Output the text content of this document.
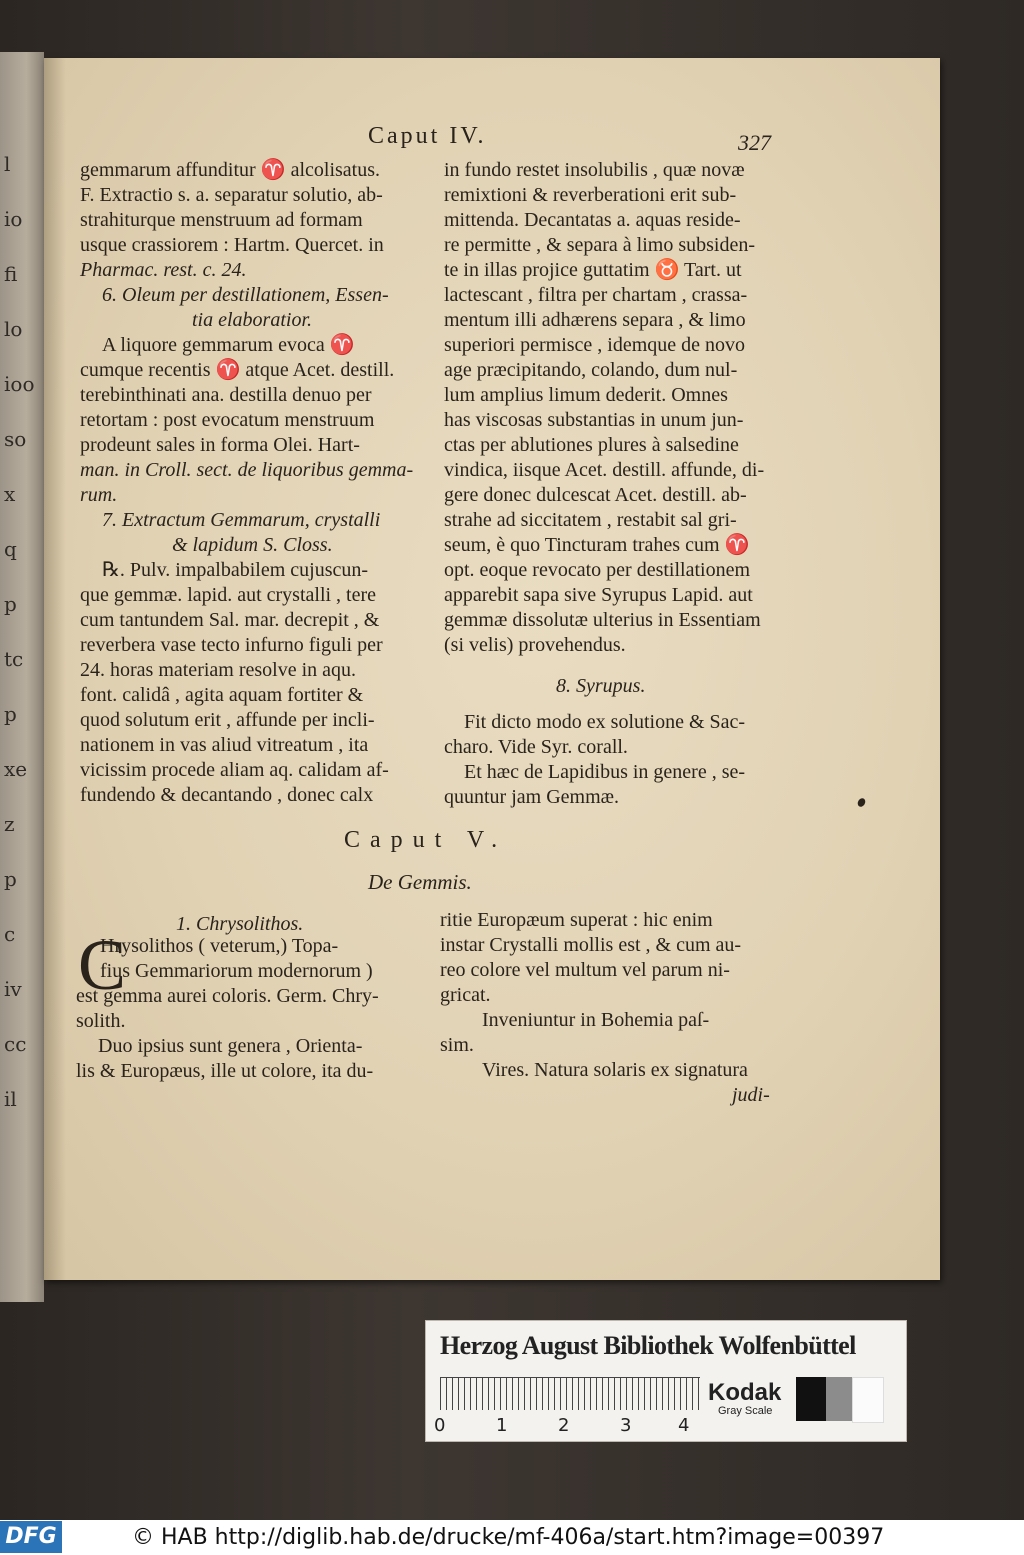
l
io
fi
lo
ioo
so
x
q
p
tc
p
xe
z
p
c
iv
cc
il
Caput IV.	327
gemmarum affunditur ♈ alcolisatus.
F. Extractio s. a. separatur solutio, ab-
strahiturque menstruum ad formam
usque crassiorem : Hartm. Quercet. in
Pharmac. rest. c. 24.
6. Oleum per destillationem, Essen-
tia elaboratior.
A liquore gemmarum evoca ♈
cumque recentis ♈ atque Acet. destill.
terebinthinati ana. destilla denuo per
retortam : post evocatum menstruum
prodeunt sales in forma Olei. Hart-
man. in Croll. sect. de liquoribus gemma-
rum.
7. Extractum Gemmarum, crystalli
& lapidum S. Closs.
℞. Pulv. impalbabilem cujuscun-
que gemmæ. lapid. aut crystalli , tere
cum tantundem Sal. mar. decrepit , &
reverbera vase tecto infurno figuli per
24. horas materiam resolve in aqu.
font. calidâ , agita aquam fortiter &
quod solutum erit , affunde per incli-
nationem in vas aliud vitreatum , ita
vicissim procede aliam aq. calidam af-
fundendo & decantando , donec calx
in fundo restet insolubilis , quæ novæ
remixtioni & reverberationi erit sub-
mittenda. Decantatas a. aquas reside-
re permitte , & separa à limo subsiden-
te in illas projice guttatim ♉ Tart. ut
lactescant , filtra per chartam , crassa-
mentum illi adhærens separa , & limo
superiori permisce , idemque de novo
age præcipitando, colando, dum nul-
lum amplius limum dederit. Omnes
has viscosas substantias in unum jun-
ctas per ablutiones plures à salsedine
vindica, iisque Acet. destill. affunde, di-
gere donec dulcescat Acet. destill. ab-
strahe ad siccitatem , restabit sal gri-
seum, è quo Tincturam trahes cum ♈
opt. eoque revocato per destillationem
apparebit sapa sive Syrupus Lapid. aut
gemmæ dissolutæ ulterius in Essentiam
(si velis) provehendus.
8. Syrupus.
Fit dicto modo ex solutione & Sac-
charo. Vide Syr. corall.
Et hæc de Lapidibus in genere , se-
quuntur jam Gemmæ.
Caput V.
De Gemmis.
1. Chrysolithos.
C
Hrysolithos ( veterum,) Topa-
fius Gemmariorum modernorum )
est gemma aurei coloris. Germ. Chry-
solith.
Duo ipsius sunt genera , Orienta-
lis & Europæus, ille ut colore, ita du-
ritie Europæum superat : hic enim
instar Crystalli mollis est , & cum au-
reo colore vel multum vel parum ni-
gricat.
Inveniuntur in Bohemia paſ-
sim.
Vires. Natura solaris ex signatura
judi-
Herzog August Bibliothek Wolfenbüttel
0	1	2	3	4
Kodak
Gray Scale
DFG	© HAB http://diglib.hab.de/drucke/mf-406a/start.htm?image=00397
